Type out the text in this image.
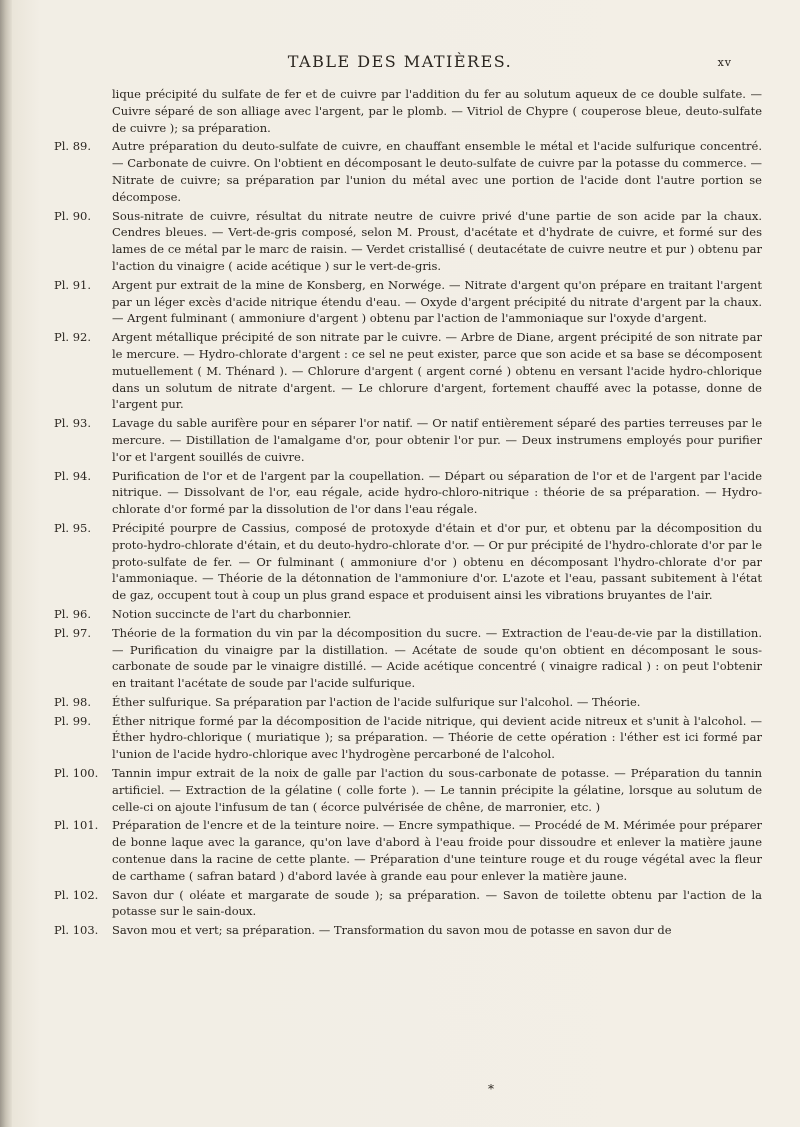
TABLE DES MATIÈRES.	xv
lique précipité du sulfate de fer et de cuivre par l'addition du fer au solutum aqueux de ce double sulfate. — Cuivre séparé de son alliage avec l'argent, par le plomb. — Vitriol de Chypre ( couperose bleue, deuto-sulfate de cuivre ); sa préparation.
Pl. 89.	Autre préparation du deuto-sulfate de cuivre, en chauffant ensemble le métal et l'acide sulfurique concentré. — Carbonate de cuivre. On l'obtient en décomposant le deuto-sulfate de cuivre par la potasse du commerce. — Nitrate de cuivre; sa préparation par l'union du métal avec une portion de l'acide dont l'autre portion se décompose.
Pl. 90.	Sous-nitrate de cuivre, résultat du nitrate neutre de cuivre privé d'une partie de son acide par la chaux. Cendres bleues. — Vert-de-gris composé, selon M. Proust, d'acétate et d'hydrate de cuivre, et formé sur des lames de ce métal par le marc de raisin. — Verdet cristallisé ( deutacétate de cuivre neutre et pur ) obtenu par l'action du vinaigre ( acide acétique ) sur le vert-de-gris.
Pl. 91.	Argent pur extrait de la mine de Konsberg, en Norwége. — Nitrate d'argent qu'on prépare en traitant l'argent par un léger excès d'acide nitrique étendu d'eau. — Oxyde d'argent précipité du nitrate d'argent par la chaux. — Argent fulminant ( ammoniure d'argent ) obtenu par l'action de l'ammoniaque sur l'oxyde d'argent.
Pl. 92.	Argent métallique précipité de son nitrate par le cuivre. — Arbre de Diane, argent précipité de son nitrate par le mercure. — Hydro-chlorate d'argent : ce sel ne peut exister, parce que son acide et sa base se décomposent mutuellement ( M. Thénard ). — Chlorure d'argent ( argent corné ) obtenu en versant l'acide hydro-chlorique dans un solutum de nitrate d'argent. — Le chlorure d'argent, fortement chauffé avec la potasse, donne de l'argent pur.
Pl. 93.	Lavage du sable aurifère pour en séparer l'or natif. — Or natif entièrement séparé des parties terreuses par le mercure. — Distillation de l'amalgame d'or, pour obtenir l'or pur. — Deux instrumens employés pour purifier l'or et l'argent souillés de cuivre.
Pl. 94.	Purification de l'or et de l'argent par la coupellation. — Départ ou séparation de l'or et de l'argent par l'acide nitrique. — Dissolvant de l'or, eau régale, acide hydro-chloro-nitrique : théorie de sa préparation. — Hydro-chlorate d'or formé par la dissolution de l'or dans l'eau régale.
Pl. 95.	Précipité pourpre de Cassius, composé de protoxyde d'étain et d'or pur, et obtenu par la décomposition du proto-hydro-chlorate d'étain, et du deuto-hydro-chlorate d'or. — Or pur précipité de l'hydro-chlorate d'or par le proto-sulfate de fer. — Or fulminant ( ammoniure d'or ) obtenu en décomposant l'hydro-chlorate d'or par l'ammoniaque. — Théorie de la détonnation de l'ammoniure d'or. L'azote et l'eau, passant subitement à l'état de gaz, occupent tout à coup un plus grand espace et produisent ainsi les vibrations bruyantes de l'air.
Pl. 96.	Notion succincte de l'art du charbonnier.
Pl. 97.	Théorie de la formation du vin par la décomposition du sucre. — Extraction de l'eau-de-vie par la distillation. — Purification du vinaigre par la distillation. — Acétate de soude qu'on obtient en décomposant le sous-carbonate de soude par le vinaigre distillé. — Acide acétique concentré ( vinaigre radical ) : on peut l'obtenir en traitant l'acétate de soude par l'acide sulfurique.
Pl. 98.	Éther sulfurique. Sa préparation par l'action de l'acide sulfurique sur l'alcohol. — Théorie.
Pl. 99.	Éther nitrique formé par la décomposition de l'acide nitrique, qui devient acide nitreux et s'unit à l'alcohol. — Éther hydro-chlorique ( muriatique ); sa préparation. — Théorie de cette opération : l'éther est ici formé par l'union de l'acide hydro-chlorique avec l'hydrogène percarboné de l'alcohol.
Pl. 100.	Tannin impur extrait de la noix de galle par l'action du sous-carbonate de potasse. — Préparation du tannin artificiel. — Extraction de la gélatine ( colle forte ). — Le tannin précipite la gélatine, lorsque au solutum de celle-ci on ajoute l'infusum de tan ( écorce pulvérisée de chêne, de marronier, etc. )
Pl. 101.	Préparation de l'encre et de la teinture noire. — Encre sympathique. — Procédé de M. Mérimée pour préparer de bonne laque avec la garance, qu'on lave d'abord à l'eau froide pour dissoudre et enlever la matière jaune contenue dans la racine de cette plante. — Préparation d'une teinture rouge et du rouge végétal avec la fleur de carthame ( safran batard ) d'abord lavée à grande eau pour enlever la matière jaune.
Pl. 102.	Savon dur ( oléate et margarate de soude ); sa préparation. — Savon de toilette obtenu par l'action de la potasse sur le sain-doux.
Pl. 103.	Savon mou et vert; sa préparation. — Transformation du savon mou de potasse en savon dur de
*
